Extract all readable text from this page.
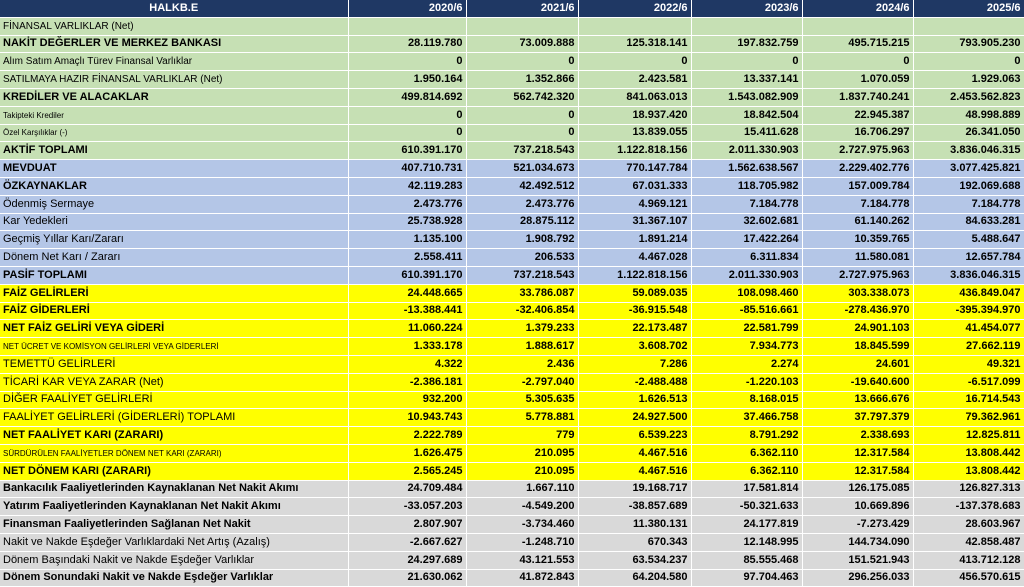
HALKB.E	2020/6	2021/6	2022/6	2023/6	2024/6	2025/6
FİNANSAL VARLIKLAR (Net)						
NAKİT DEĞERLER VE MERKEZ BANKASI	28.119.780	73.009.888	125.318.141	197.832.759	495.715.215	793.905.230
Alım Satım Amaçlı Türev Finansal Varlıklar	0	0	0	0	0	0
SATILMAYA HAZIR FİNANSAL VARLIKLAR (Net)	1.950.164	1.352.866	2.423.581	13.337.141	1.070.059	1.929.063
KREDİLER VE ALACAKLAR	499.814.692	562.742.320	841.063.013	1.543.082.909	1.837.740.241	2.453.562.823
Takipteki Krediler	0	0	18.937.420	18.842.504	22.945.387	48.998.889
Özel Karşılıklar (-)	0	0	13.839.055	15.411.628	16.706.297	26.341.050
AKTİF TOPLAMI	610.391.170	737.218.543	1.122.818.156	2.011.330.903	2.727.975.963	3.836.046.315
MEVDUAT	407.710.731	521.034.673	770.147.784	1.562.638.567	2.229.402.776	3.077.425.821
ÖZKAYNAKLAR	42.119.283	42.492.512	67.031.333	118.705.982	157.009.784	192.069.688
Ödenmiş Sermaye	2.473.776	2.473.776	4.969.121	7.184.778	7.184.778	7.184.778
Kar Yedekleri	25.738.928	28.875.112	31.367.107	32.602.681	61.140.262	84.633.281
Geçmiş Yıllar Karı/Zararı	1.135.100	1.908.792	1.891.214	17.422.264	10.359.765	5.488.647
Dönem Net Karı / Zararı	2.558.411	206.533	4.467.028	6.311.834	11.580.081	12.657.784
PASİF TOPLAMI	610.391.170	737.218.543	1.122.818.156	2.011.330.903	2.727.975.963	3.836.046.315
FAİZ GELİRLERİ	24.448.665	33.786.087	59.089.035	108.098.460	303.338.073	436.849.047
FAİZ GİDERLERİ	-13.388.441	-32.406.854	-36.915.548	-85.516.661	-278.436.970	-395.394.970
NET FAİZ GELİRİ VEYA GİDERİ	11.060.224	1.379.233	22.173.487	22.581.799	24.901.103	41.454.077
NET ÜCRET VE KOMİSYON GELİRLERİ VEYA GİDERLERİ	1.333.178	1.888.617	3.608.702	7.934.773	18.845.599	27.662.119
TEMETTÜ GELİRLERİ	4.322	2.436	7.286	2.274	24.601	49.321
TİCARİ KAR VEYA ZARAR (Net)	-2.386.181	-2.797.040	-2.488.488	-1.220.103	-19.640.600	-6.517.099
DİĞER FAALİYET GELİRLERİ	932.200	5.305.635	1.626.513	8.168.015	13.666.676	16.714.543
FAALİYET GELİRLERİ (GİDERLERİ) TOPLAMI	10.943.743	5.778.881	24.927.500	37.466.758	37.797.379	79.362.961
NET FAALİYET KARI (ZARARI)	2.222.789	779	6.539.223	8.791.292	2.338.693	12.825.811
SÜRDÜRÜLEN FAALİYETLER DÖNEM NET KARI (ZARARI)	1.626.475	210.095	4.467.516	6.362.110	12.317.584	13.808.442
NET DÖNEM KARI (ZARARI)	2.565.245	210.095	4.467.516	6.362.110	12.317.584	13.808.442
Bankacılık Faaliyetlerinden Kaynaklanan Net Nakit Akımı	24.709.484	1.667.110	19.168.717	17.581.814	126.175.085	126.827.313
Yatırım Faaliyetlerinden Kaynaklanan Net Nakit Akımı	-33.057.203	-4.549.200	-38.857.689	-50.321.633	10.669.896	-137.378.683
Finansman Faaliyetlerinden Sağlanan Net Nakit	2.807.907	-3.734.460	11.380.131	24.177.819	-7.273.429	28.603.967
Nakit ve Nakde Eşdeğer Varlıklardaki Net Artış (Azalış)	-2.667.627	-1.248.710	670.343	12.148.995	144.734.090	42.858.487
Dönem Başındaki Nakit ve Nakde Eşdeğer Varlıklar	24.297.689	43.121.553	63.534.237	85.555.468	151.521.943	413.712.128
Dönem Sonundaki Nakit ve Nakde Eşdeğer Varlıklar	21.630.062	41.872.843	64.204.580	97.704.463	296.256.033	456.570.615
